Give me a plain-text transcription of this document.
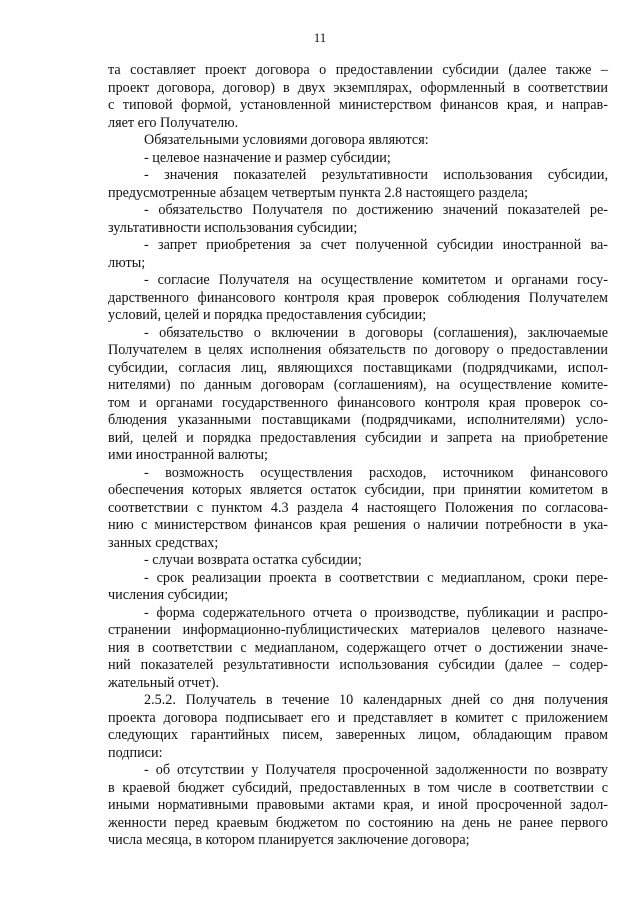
11
та составляет проект договора о предоставлении субсидии (далее также –
проект договора, договор) в двух экземплярах, оформленный в соответствии
с типовой формой, установленной министерством финансов края, и направ-
ляет его Получателю.
Обязательными условиями договора являются:
- целевое назначение и размер субсидии;
- значения показателей результативности использования субсидии,
предусмотренные абзацем четвертым пункта 2.8 настоящего раздела;
- обязательство Получателя по достижению значений показателей ре-
зультативности использования субсидии;
- запрет приобретения за счет полученной субсидии иностранной ва-
люты;
- согласие Получателя на осуществление комитетом и органами госу-
дарственного финансового контроля края проверок соблюдения Получателем
условий, целей и порядка предоставления субсидии;
- обязательство о включении в договоры (соглашения), заключаемые
Получателем в целях исполнения обязательств по договору о предоставлении
субсидии, согласия лиц, являющихся поставщиками (подрядчиками, испол-
нителями) по данным договорам (соглашениям), на осуществление комите-
том и органами государственного финансового контроля края проверок со-
блюдения указанными поставщиками (подрядчиками, исполнителями) усло-
вий, целей и порядка предоставления субсидии и запрета на приобретение
ими иностранной валюты;
- возможность осуществления расходов, источником финансового
обеспечения которых является остаток субсидии, при принятии комитетом в
соответствии с пунктом 4.3 раздела 4 настоящего Положения по согласова-
нию с министерством финансов края решения о наличии потребности в ука-
занных средствах;
- случаи возврата остатка субсидии;
- срок реализации проекта в соответствии с медиапланом, сроки пере-
числения субсидии;
- форма содержательного отчета о производстве, публикации и распро-
странении информационно-публицистических материалов целевого назначе-
ния в соответствии с медиапланом, содержащего отчет о достижении значе-
ний показателей результативности использования субсидии (далее – содер-
жательный отчет).
2.5.2. Получатель в течение 10 календарных дней со дня получения
проекта договора подписывает его и представляет в комитет с приложением
следующих гарантийных писем, заверенных лицом, обладающим правом
подписи:
- об отсутствии у Получателя просроченной задолженности по возврату
в краевой бюджет субсидий, предоставленных в том числе в соответствии с
иными нормативными правовыми актами края, и иной просроченной задол-
женности перед краевым бюджетом по состоянию на день не ранее первого
числа месяца, в котором планируется заключение договора;
